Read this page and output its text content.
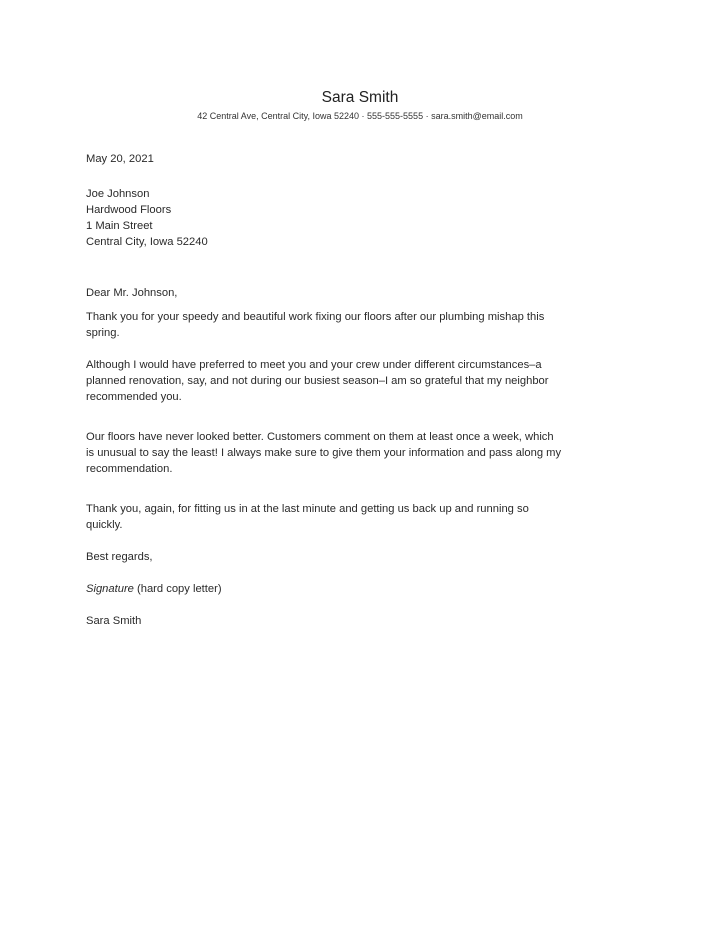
Sara Smith
42 Central Ave, Central City, Iowa 52240 · 555-555-5555 · sara.smith@email.com
May 20, 2021
Joe Johnson
Hardwood Floors
1 Main Street
Central City, Iowa 52240
Dear Mr. Johnson,
Thank you for your speedy and beautiful work fixing our floors after our plumbing mishap this
spring.
Although I would have preferred to meet you and your crew under different circumstances–a
planned renovation, say, and not during our busiest season–I am so grateful that my neighbor
recommended you.
Our floors have never looked better. Customers comment on them at least once a week, which
is unusual to say the least! I always make sure to give them your information and pass along my
recommendation.
Thank you, again, for fitting us in at the last minute and getting us back up and running so
quickly.
Best regards,
Signature (hard copy letter)
Sara Smith
